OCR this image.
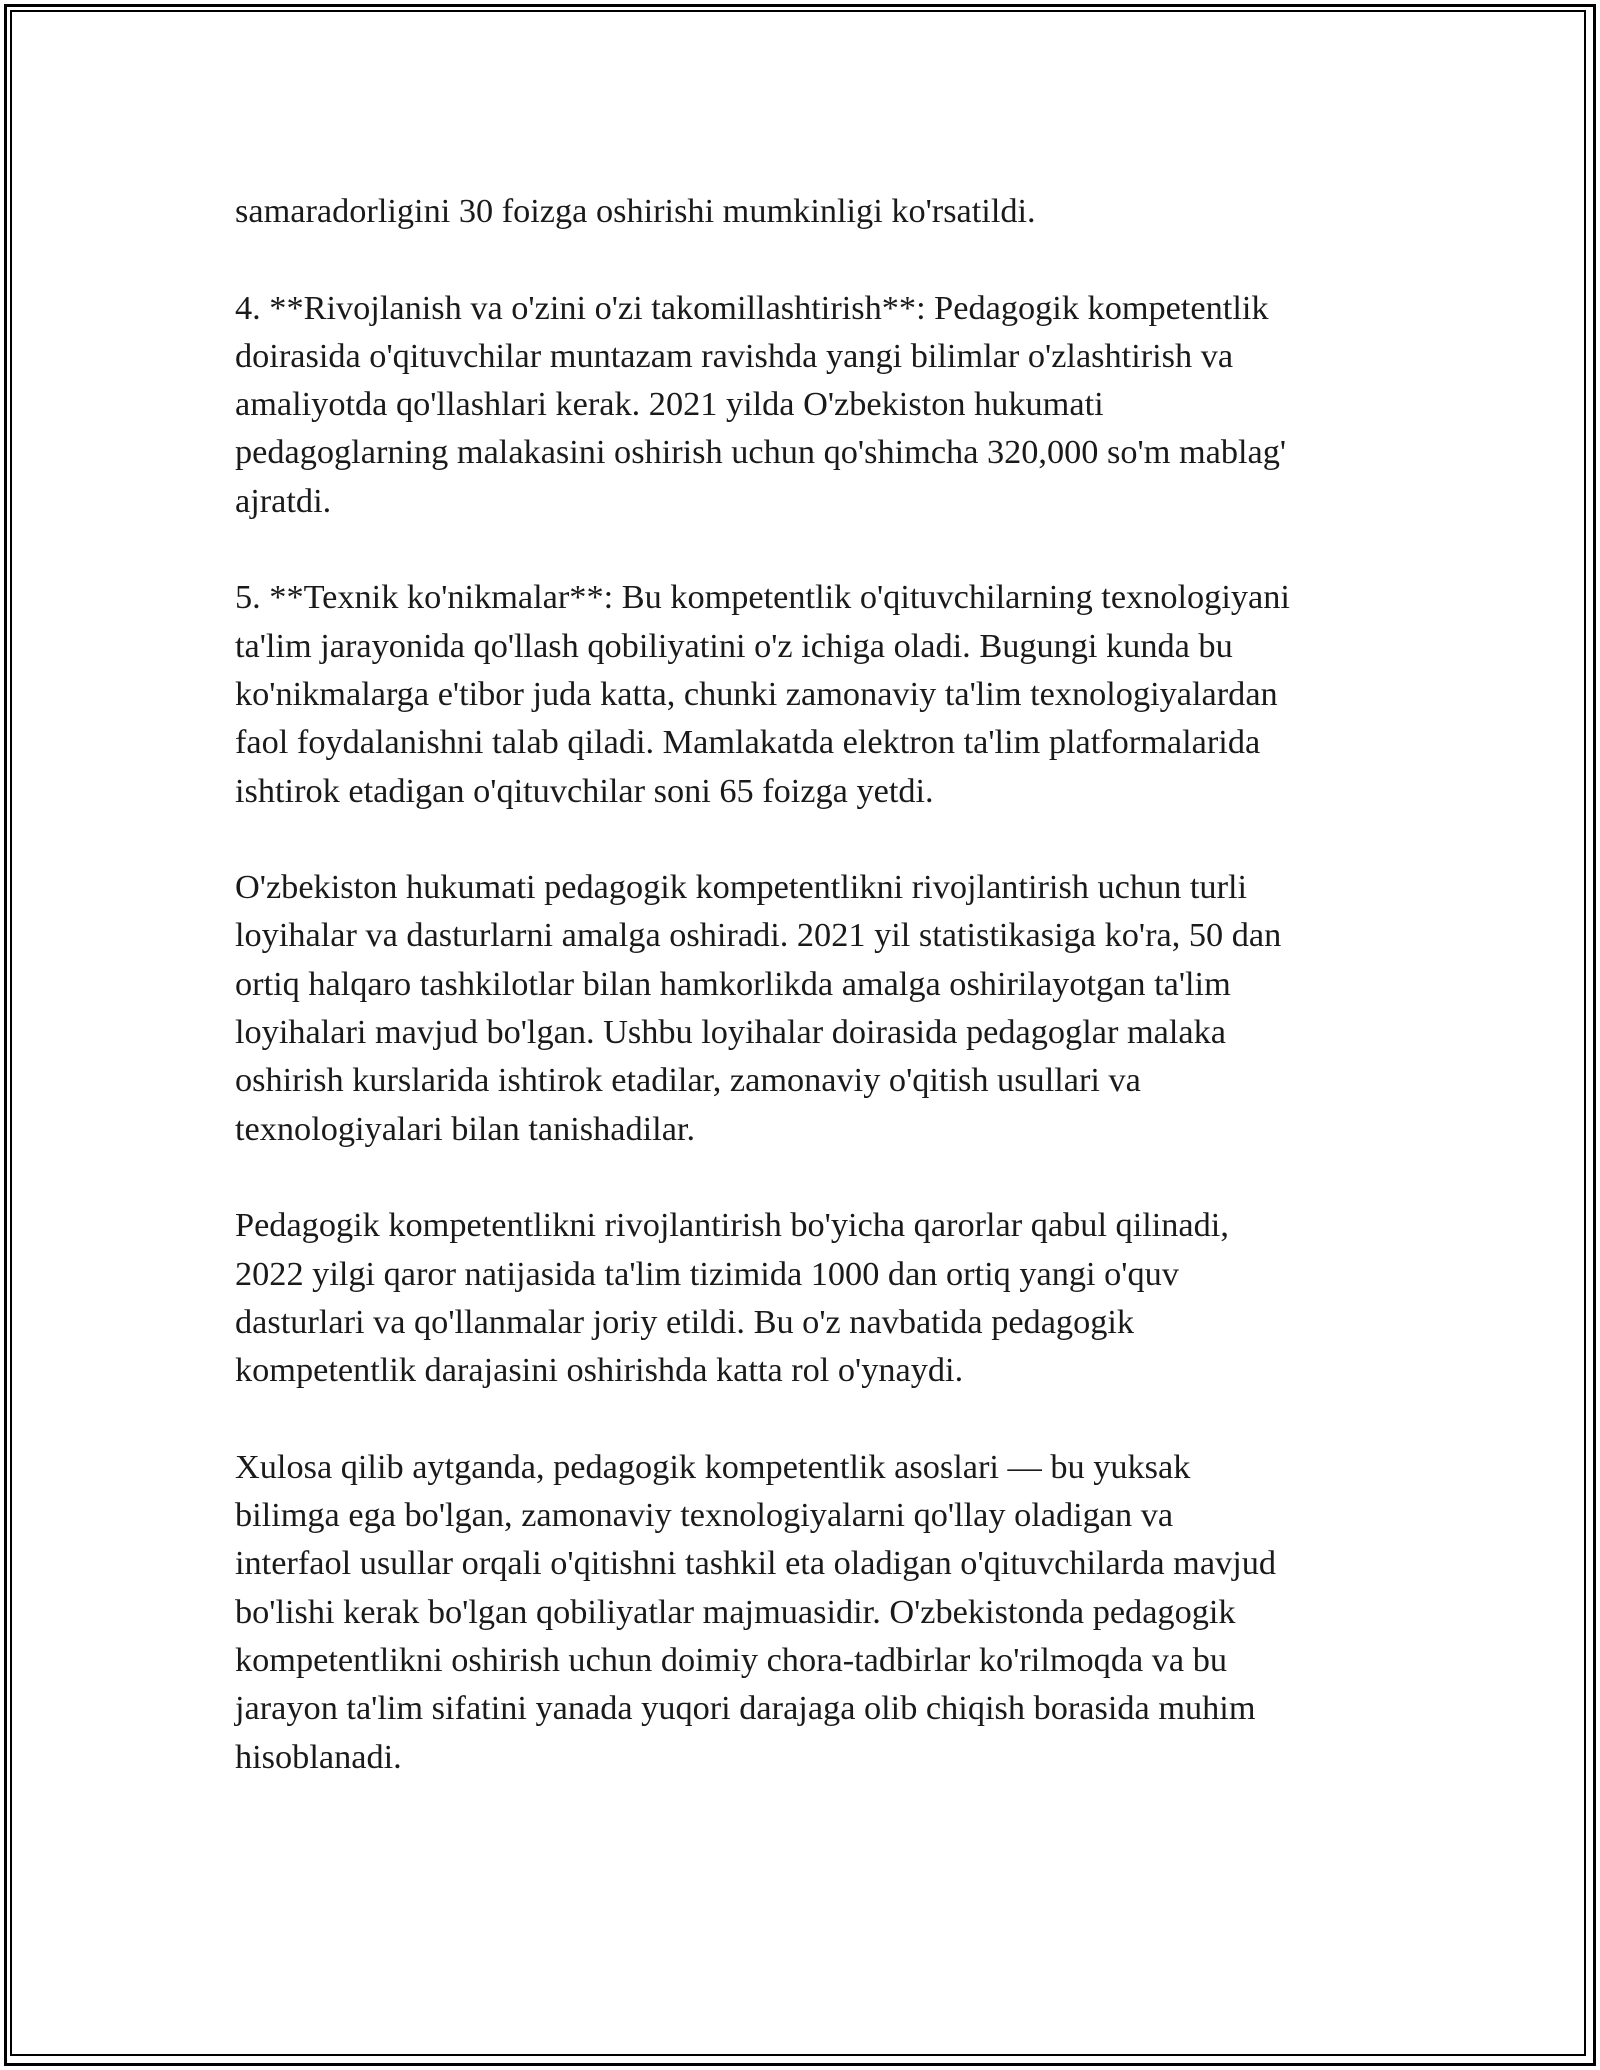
samaradorligini 30 foizga oshirishi mumkinligi ko'rsatildi.

4. **Rivojlanish va o'zini o'zi takomillashtirish**: Pedagogik kompetentlik
doirasida o'qituvchilar muntazam ravishda yangi bilimlar o'zlashtirish va
amaliyotda qo'llashlari kerak. 2021 yilda O'zbekiston hukumati
pedagoglarning malakasini oshirish uchun qo'shimcha 320,000 so'm mablag'
ajratdi.

5. **Texnik ko'nikmalar**: Bu kompetentlik o'qituvchilarning texnologiyani
ta'lim jarayonida qo'llash qobiliyatini o'z ichiga oladi. Bugungi kunda bu
ko'nikmalarga e'tibor juda katta, chunki zamonaviy ta'lim texnologiyalardan
faol foydalanishni talab qiladi. Mamlakatda elektron ta'lim platformalarida
ishtirok etadigan o'qituvchilar soni 65 foizga yetdi.

O'zbekiston hukumati pedagogik kompetentlikni rivojlantirish uchun turli
loyihalar va dasturlarni amalga oshiradi. 2021 yil statistikasiga ko'ra, 50 dan
ortiq halqaro tashkilotlar bilan hamkorlikda amalga oshirilayotgan ta'lim
loyihalari mavjud bo'lgan. Ushbu loyihalar doirasida pedagoglar malaka
oshirish kurslarida ishtirok etadilar, zamonaviy o'qitish usullari va
texnologiyalari bilan tanishadilar.

Pedagogik kompetentlikni rivojlantirish bo'yicha qarorlar qabul qilinadi,
2022 yilgi qaror natijasida ta'lim tizimida 1000 dan ortiq yangi o'quv
dasturlari va qo'llanmalar joriy etildi. Bu o'z navbatida pedagogik
kompetentlik darajasini oshirishda katta rol o'ynaydi.

Xulosa qilib aytganda, pedagogik kompetentlik asoslari — bu yuksak
bilimga ega bo'lgan, zamonaviy texnologiyalarni qo'llay oladigan va
interfaol usullar orqali o'qitishni tashkil eta oladigan o'qituvchilarda mavjud
bo'lishi kerak bo'lgan qobiliyatlar majmuasidir. O'zbekistonda pedagogik
kompetentlikni oshirish uchun doimiy chora-tadbirlar ko'rilmoqda va bu
jarayon ta'lim sifatini yanada yuqori darajaga olib chiqish borasida muhim
hisoblanadi.
